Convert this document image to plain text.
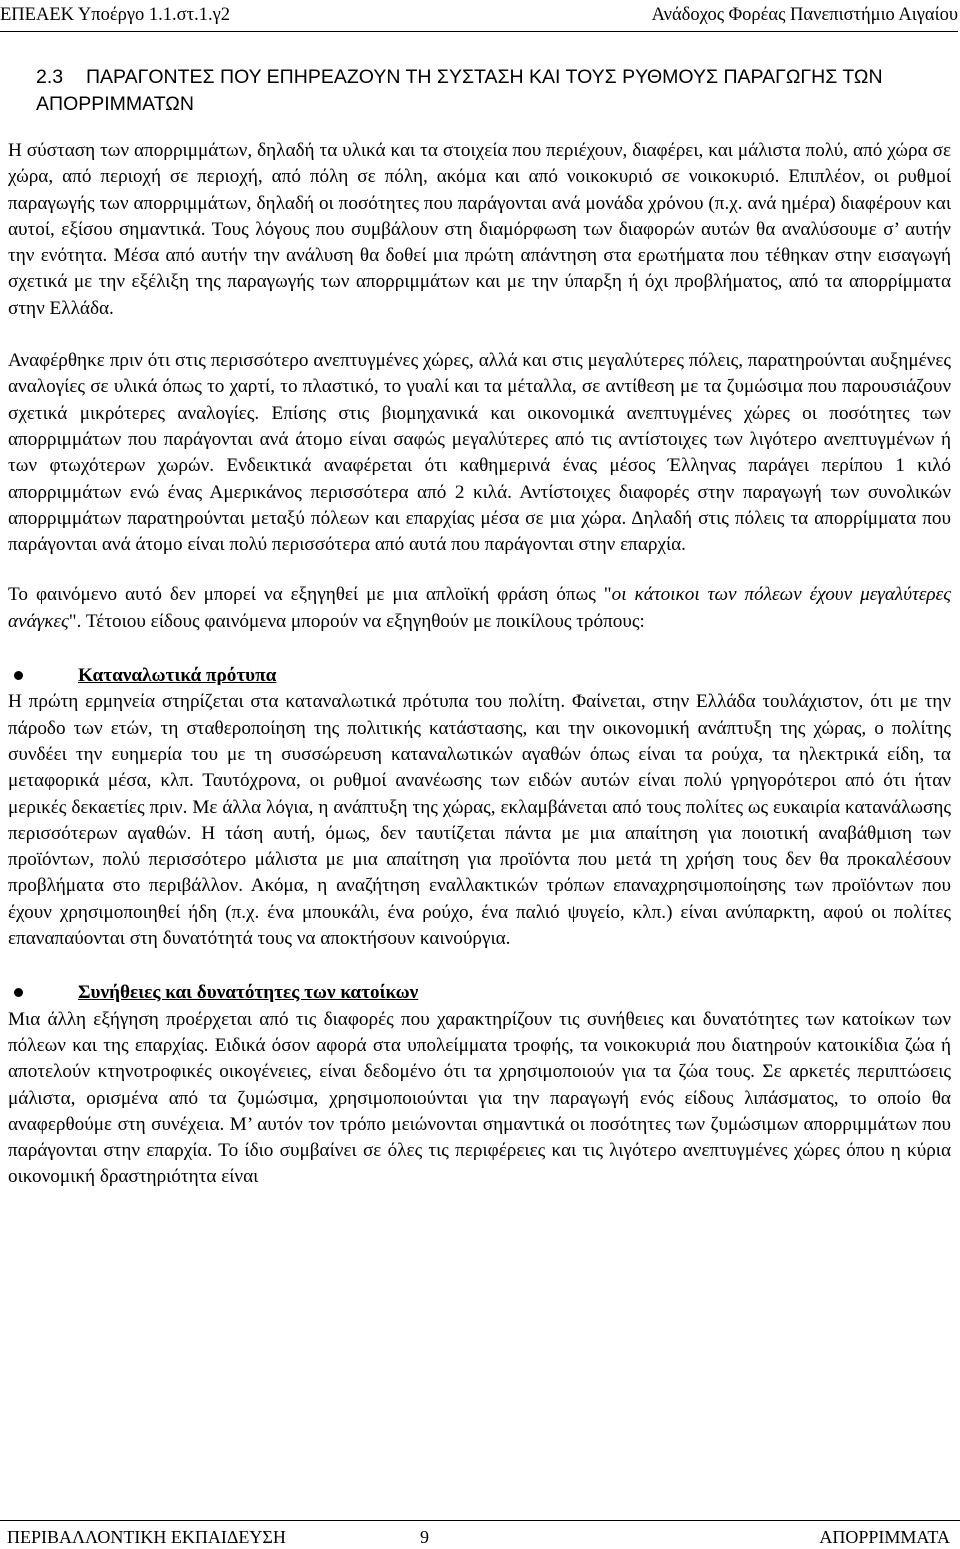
ΕΠΕΑΕΚ Υποέργο 1.1.στ.1.γ2	Ανάδοχος Φορέας Πανεπιστήμιο Αιγαίου
2.3 ΠΑΡΑΓΟΝΤΕΣ ΠΟΥ ΕΠΗΡΕΑΖΟΥΝ ΤΗ ΣΥΣΤΑΣΗ ΚΑΙ ΤΟΥΣ ΡΥΘΜΟΥΣ ΠΑΡΑΓΩΓΗΣ ΤΩΝ ΑΠΟΡΡΙΜΜΑΤΩΝ

Η σύσταση των απορριμμάτων, δηλαδή τα υλικά και τα στοιχεία που περιέχουν, διαφέρει, και μάλιστα πολύ, από χώρα σε χώρα, από περιοχή σε περιοχή, από πόλη σε πόλη, ακόμα και από νοικοκυριό σε νοικοκυριό. Επιπλέον, οι ρυθμοί παραγωγής των απορριμμάτων, δηλαδή οι ποσότητες που παράγονται ανά μονάδα χρόνου (π.χ. ανά ημέρα) διαφέρουν και αυτοί, εξίσου σημαντικά. Τους λόγους που συμβάλουν στη διαμόρφωση των διαφορών αυτών θα αναλύσουμε σ’ αυτήν την ενότητα. Μέσα από αυτήν την ανάλυση θα δοθεί μια πρώτη απάντηση στα ερωτήματα που τέθηκαν στην εισαγωγή σχετικά με την εξέλιξη της παραγωγής των απορριμμάτων και με την ύπαρξη ή όχι προβλήματος, από τα απορρίμματα στην Ελλάδα.

Αναφέρθηκε πριν ότι στις περισσότερο ανεπτυγμένες χώρες, αλλά και στις μεγαλύτερες πόλεις, παρατηρούνται αυξημένες αναλογίες σε υλικά όπως το χαρτί, το πλαστικό, το γυαλί και τα μέταλλα, σε αντίθεση με τα ζυμώσιμα που παρουσιάζουν σχετικά μικρότερες αναλογίες. Επίσης στις βιομηχανικά και οικονομικά ανεπτυγμένες χώρες οι ποσότητες των απορριμμάτων που παράγονται ανά άτομο είναι σαφώς μεγαλύτερες από τις αντίστοιχες των λιγότερο ανεπτυγμένων ή των φτωχότερων χωρών. Ενδεικτικά αναφέρεται ότι καθημερινά ένας μέσος Έλληνας παράγει περίπου 1 κιλό απορριμμάτων ενώ ένας Αμερικάνος περισσότερα από 2 κιλά. Αντίστοιχες διαφορές στην παραγωγή των συνολικών απορριμμάτων παρατηρούνται μεταξύ πόλεων και επαρχίας μέσα σε μια χώρα. Δηλαδή στις πόλεις τα απορρίμματα που παράγονται ανά άτομο είναι πολύ περισσότερα από αυτά που παράγονται στην επαρχία.

Το φαινόμενο αυτό δεν μπορεί να εξηγηθεί με μια απλοϊκή φράση όπως "οι κάτοικοι των πόλεων έχουν μεγαλύτερες ανάγκες". Τέτοιου είδους φαινόμενα μπορούν να εξηγηθούν με ποικίλους τρόπους:

Καταναλωτικά πρότυπα

Η πρώτη ερμηνεία στηρίζεται στα καταναλωτικά πρότυπα του πολίτη. Φαίνεται, στην Ελλάδα τουλάχιστον, ότι με την πάροδο των ετών, τη σταθεροποίηση της πολιτικής κατάστασης, και την οικονομική ανάπτυξη της χώρας, ο πολίτης συνδέει την ευημερία του με τη συσσώρευση καταναλωτικών αγαθών όπως είναι τα ρούχα, τα ηλεκτρικά είδη, τα μεταφορικά μέσα, κλπ. Ταυτόχρονα, οι ρυθμοί ανανέωσης των ειδών αυτών είναι πολύ γρηγορότεροι από ότι ήταν μερικές δεκαετίες πριν. Με άλλα λόγια, η ανάπτυξη της χώρας, εκλαμβάνεται από τους πολίτες ως ευκαιρία κατανάλωσης περισσότερων αγαθών. Η τάση αυτή, όμως, δεν ταυτίζεται πάντα με μια απαίτηση για ποιοτική αναβάθμιση των προϊόντων, πολύ περισσότερο μάλιστα με μια απαίτηση για προϊόντα που μετά τη χρήση τους δεν θα προκαλέσουν προβλήματα στο περιβάλλον. Ακόμα, η αναζήτηση εναλλακτικών τρόπων επαναχρησιμοποίησης των προϊόντων που έχουν χρησιμοποιηθεί ήδη (π.χ. ένα μπουκάλι, ένα ρούχο, ένα παλιό ψυγείο, κλπ.) είναι ανύπαρκτη, αφού οι πολίτες επαναπαύονται στη δυνατότητά τους να αποκτήσουν καινούργια.

Συνήθειες και δυνατότητες των κατοίκων

Μια άλλη εξήγηση προέρχεται από τις διαφορές που χαρακτηρίζουν τις συνήθειες και δυνατότητες των κατοίκων των πόλεων και της επαρχίας. Ειδικά όσον αφορά στα υπολείμματα τροφής, τα νοικοκυριά που διατηρούν κατοικίδια ζώα ή αποτελούν κτηνοτροφικές οικογένειες, είναι δεδομένο ότι τα χρησιμοποιούν για τα ζώα τους. Σε αρκετές περιπτώσεις μάλιστα, ορισμένα από τα ζυμώσιμα, χρησιμοποιούνται για την παραγωγή ενός είδους λιπάσματος, το οποίο θα αναφερθούμε στη συνέχεια. Μ’ αυτόν τον τρόπο μειώνονται σημαντικά οι ποσότητες των ζυμώσιμων απορριμμάτων που παράγονται στην επαρχία. Το ίδιο συμβαίνει σε όλες τις περιφέρειες και τις λιγότερο ανεπτυγμένες χώρες όπου η κύρια οικονομική δραστηριότητα είναι

ΠΕΡΙΒΑΛΛΟΝΤΙΚΗ ΕΚΠΑΙΔΕΥΣΗ	9	ΑΠΟΡΡΙΜΜΑΤΑ
